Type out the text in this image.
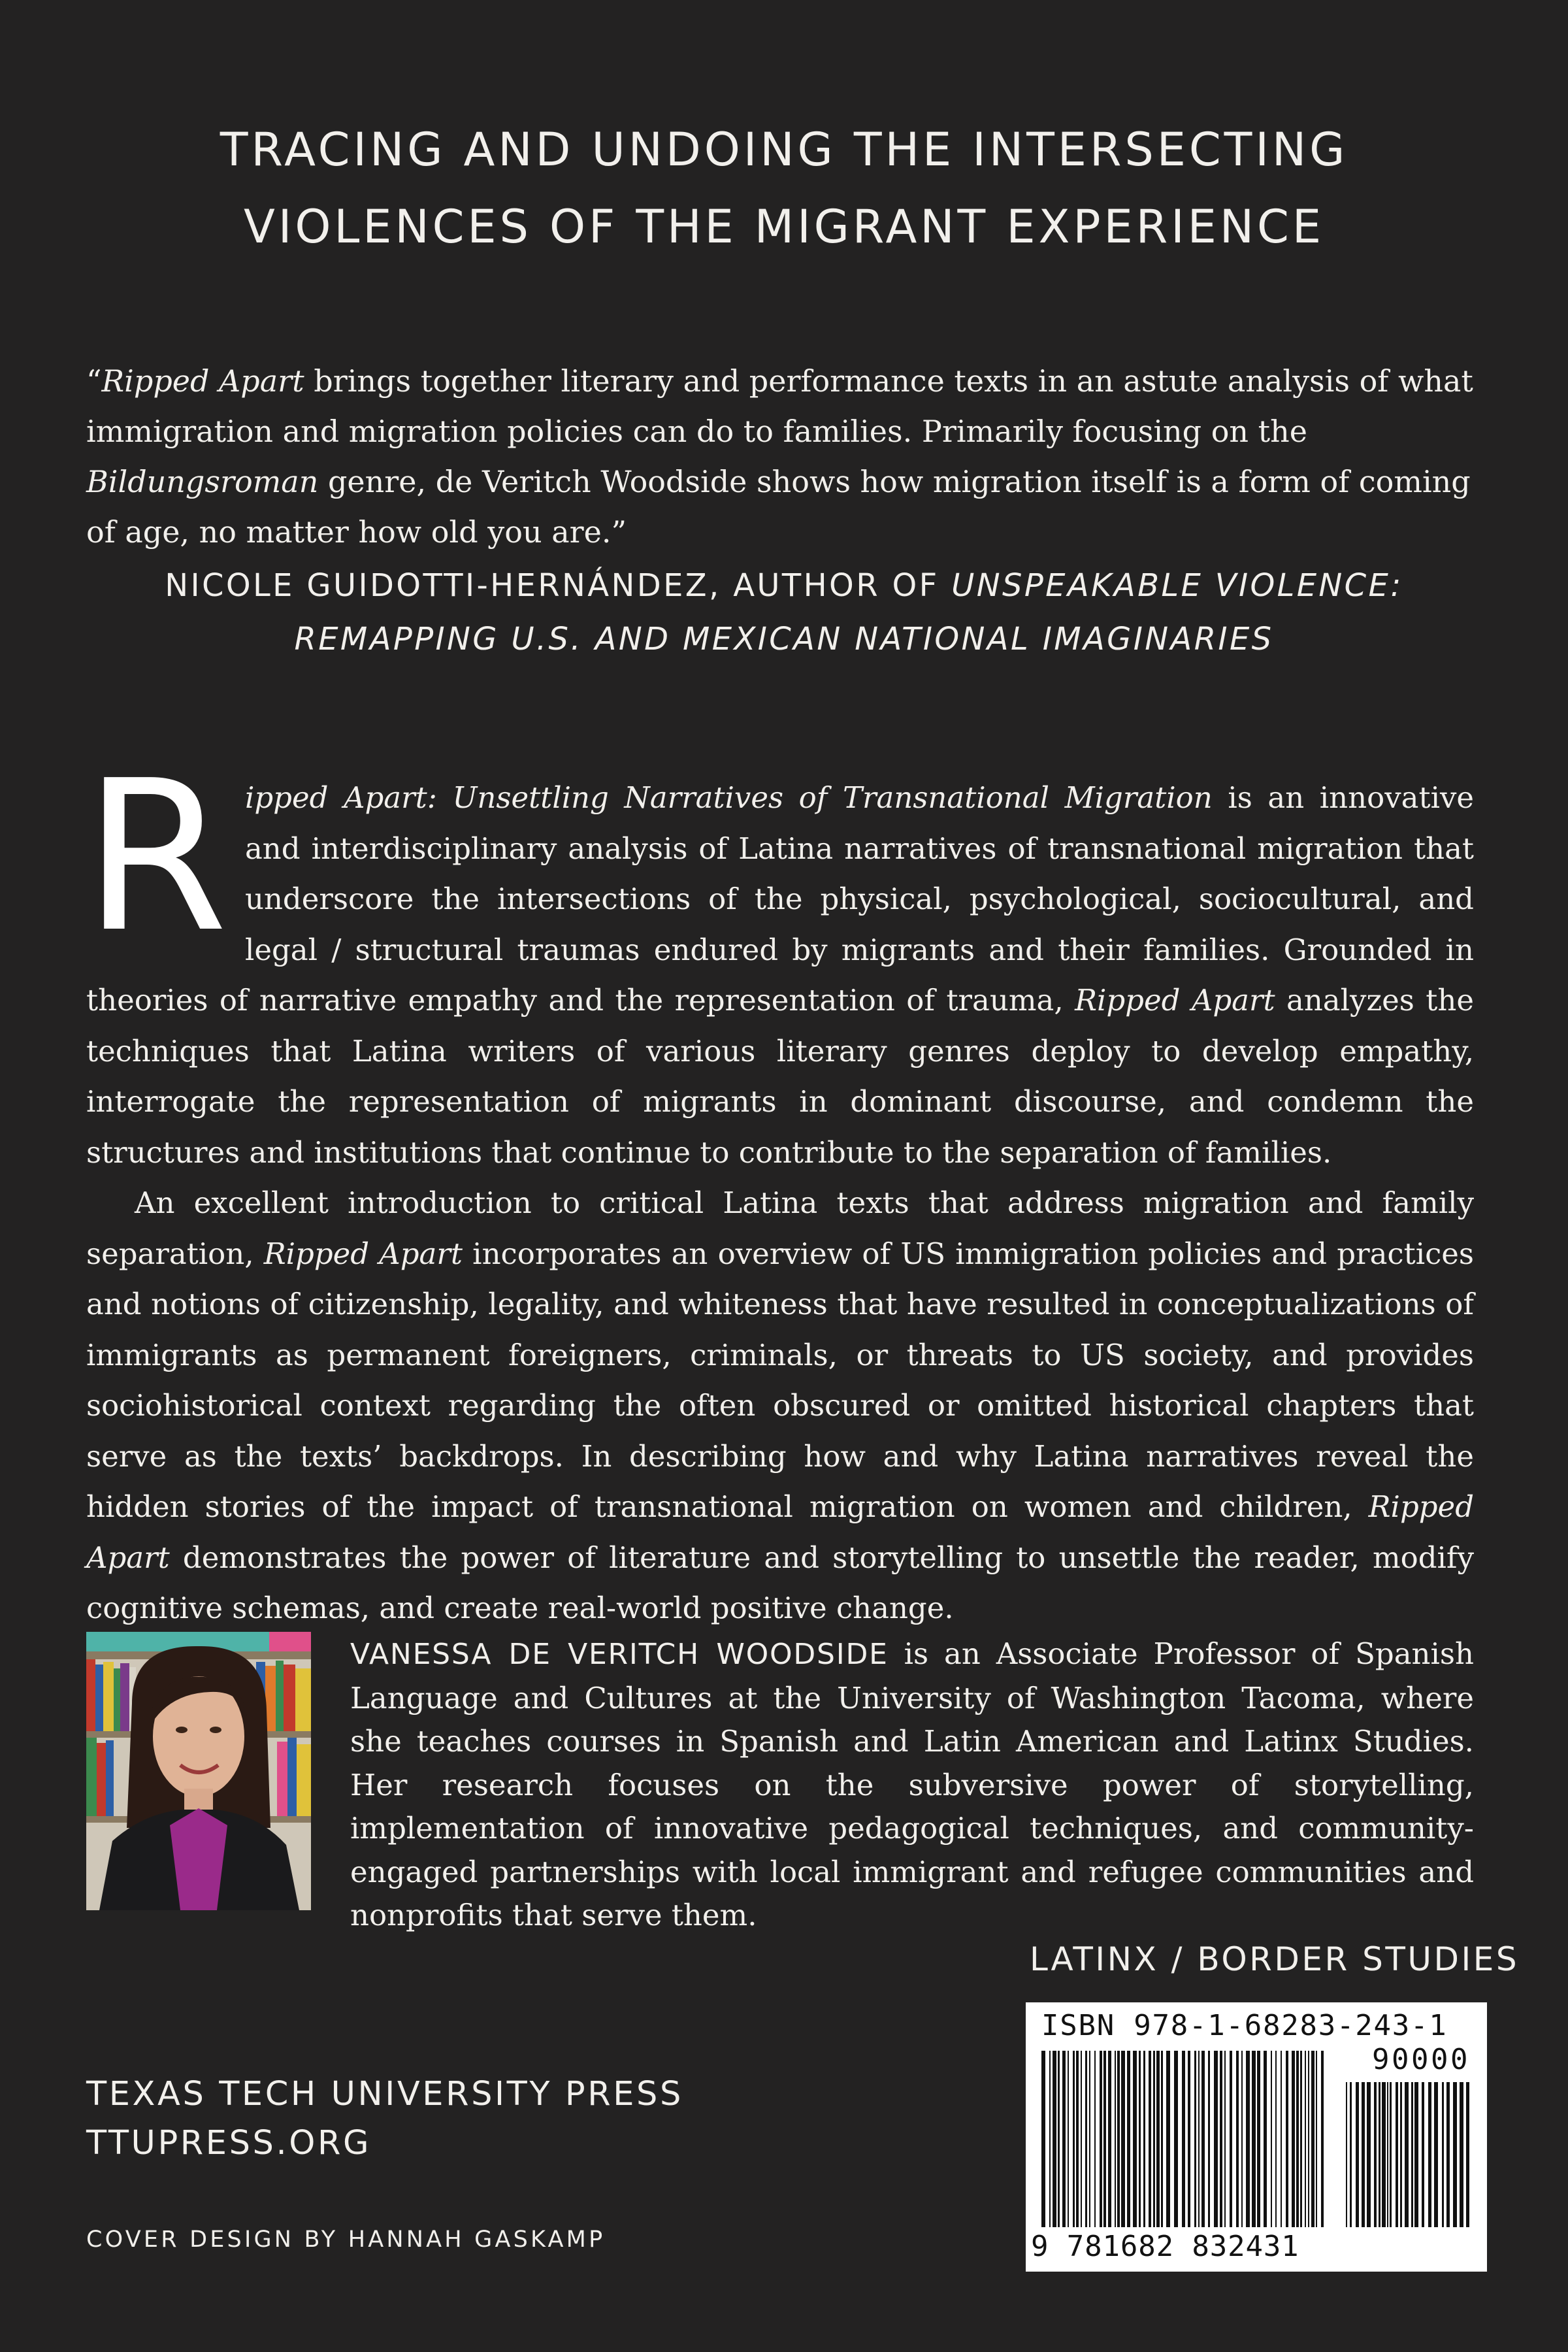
TRACING AND UNDOING THE INTERSECTING
VIOLENCES OF THE MIGRANT EXPERIENCE

“Ripped Apart brings together literary and performance texts in an astute analysis of what immigration and migration policies can do to families. Primarily focusing on the Bildungsroman genre, de Veritch Woodside shows how migration itself is a form of coming of age, no matter how old you are.”

NICOLE GUIDOTTI-HERNÁNDEZ, AUTHOR OF UNSPEAKABLE VIOLENCE: REMAPPING U.S. AND MEXICAN NATIONAL IMAGINARIES

Ripped Apart: Unsettling Narratives of Transnational Migration is an innovative and interdisciplinary analysis of Latina narratives of transnational migration that underscore the intersections of the physical, psychological, sociocultural, and legal / structural traumas endured by migrants and their families. Grounded in theories of narrative empathy and the representation of trauma, Ripped Apart analyzes the techniques that Latina writers of various literary genres deploy to develop empathy, interrogate the representation of migrants in dominant discourse, and condemn the structures and institutions that continue to contribute to the separation of families.

An excellent introduction to critical Latina texts that address migration and family separation, Ripped Apart incorporates an overview of US immigration policies and practices and notions of citizenship, legality, and whiteness that have resulted in conceptualizations of immigrants as permanent foreigners, criminals, or threats to US society, and provides sociohistorical context regarding the often obscured or omitted historical chapters that serve as the texts’ backdrops. In describing how and why Latina narratives reveal the hidden stories of the impact of transnational migration on women and children, Ripped Apart demonstrates the power of literature and storytelling to unsettle the reader, modify cognitive schemas, and create real-world positive change.

VANESSA DE VERITCH WOODSIDE is an Associate Professor of Spanish Language and Cultures at the University of Washington Tacoma, where she teaches courses in Spanish and Latin American and Latinx Studies. Her research focuses on the subversive power of storytelling, implementation of innovative pedagogical techniques, and community-engaged partnerships with local immigrant and refugee communities and nonprofits that serve them.

LATINX / BORDER STUDIES

ISBN 978-1-68283-243-1
90000
9 781682 832431

TEXAS TECH UNIVERSITY PRESS
TTUPRESS.ORG

COVER DESIGN BY HANNAH GASKAMP
